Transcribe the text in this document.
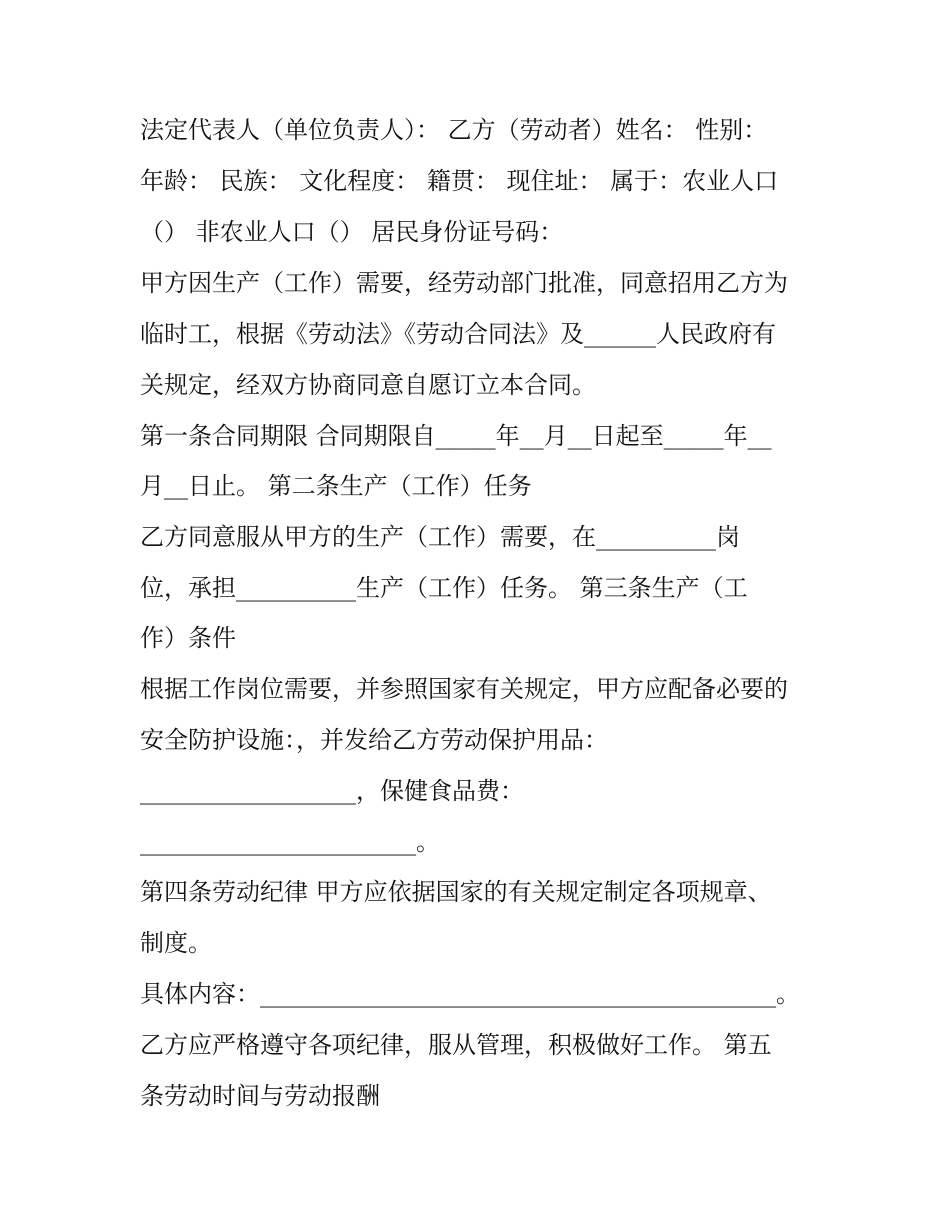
法定代表人（单位负责人）： 乙方（劳动者）姓名： 性别：
年龄： 民族： 文化程度： 籍贯： 现住址： 属于：农业人口
（） 非农业人口（） 居民身份证号码：
甲方因生产（工作）需要，经劳动部门批准，同意招用乙方为
临时工，根据《劳动法》《劳动合同法》及______人民政府有
关规定，经双方协商同意自愿订立本合同。
第一条合同期限 合同期限自_____年__月__日起至_____年__
月__日止。 第二条生产（工作）任务
乙方同意服从甲方的生产（工作）需要，在__________岗
位，承担__________生产（工作）任务。 第三条生产（工
作）条件
根据工作岗位需要，并参照国家有关规定，甲方应配备必要的
安全防护设施：，并发给乙方劳动保护用品：
__________________，保健食品费：
_______________________。
第四条劳动纪律 甲方应依据国家的有关规定制定各项规章、
制度。
具体内容：___________________________________________。
乙方应严格遵守各项纪律，服从管理，积极做好工作。 第五
条劳动时间与劳动报酬
